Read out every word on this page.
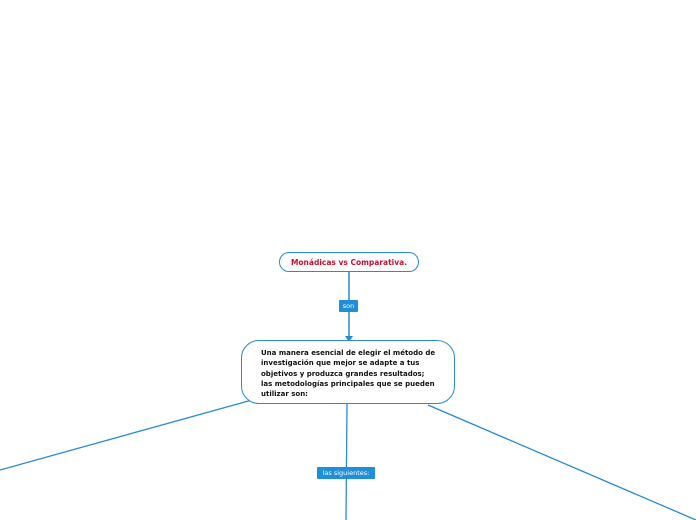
Monádicas vs Comparativa.
son
Una manera esencial de elegir el método de
investigación que mejor se adapte a tus
objetivos y produzca grandes resultados;
las metodologías principales que se pueden
utilizar son:
las siguientes:
